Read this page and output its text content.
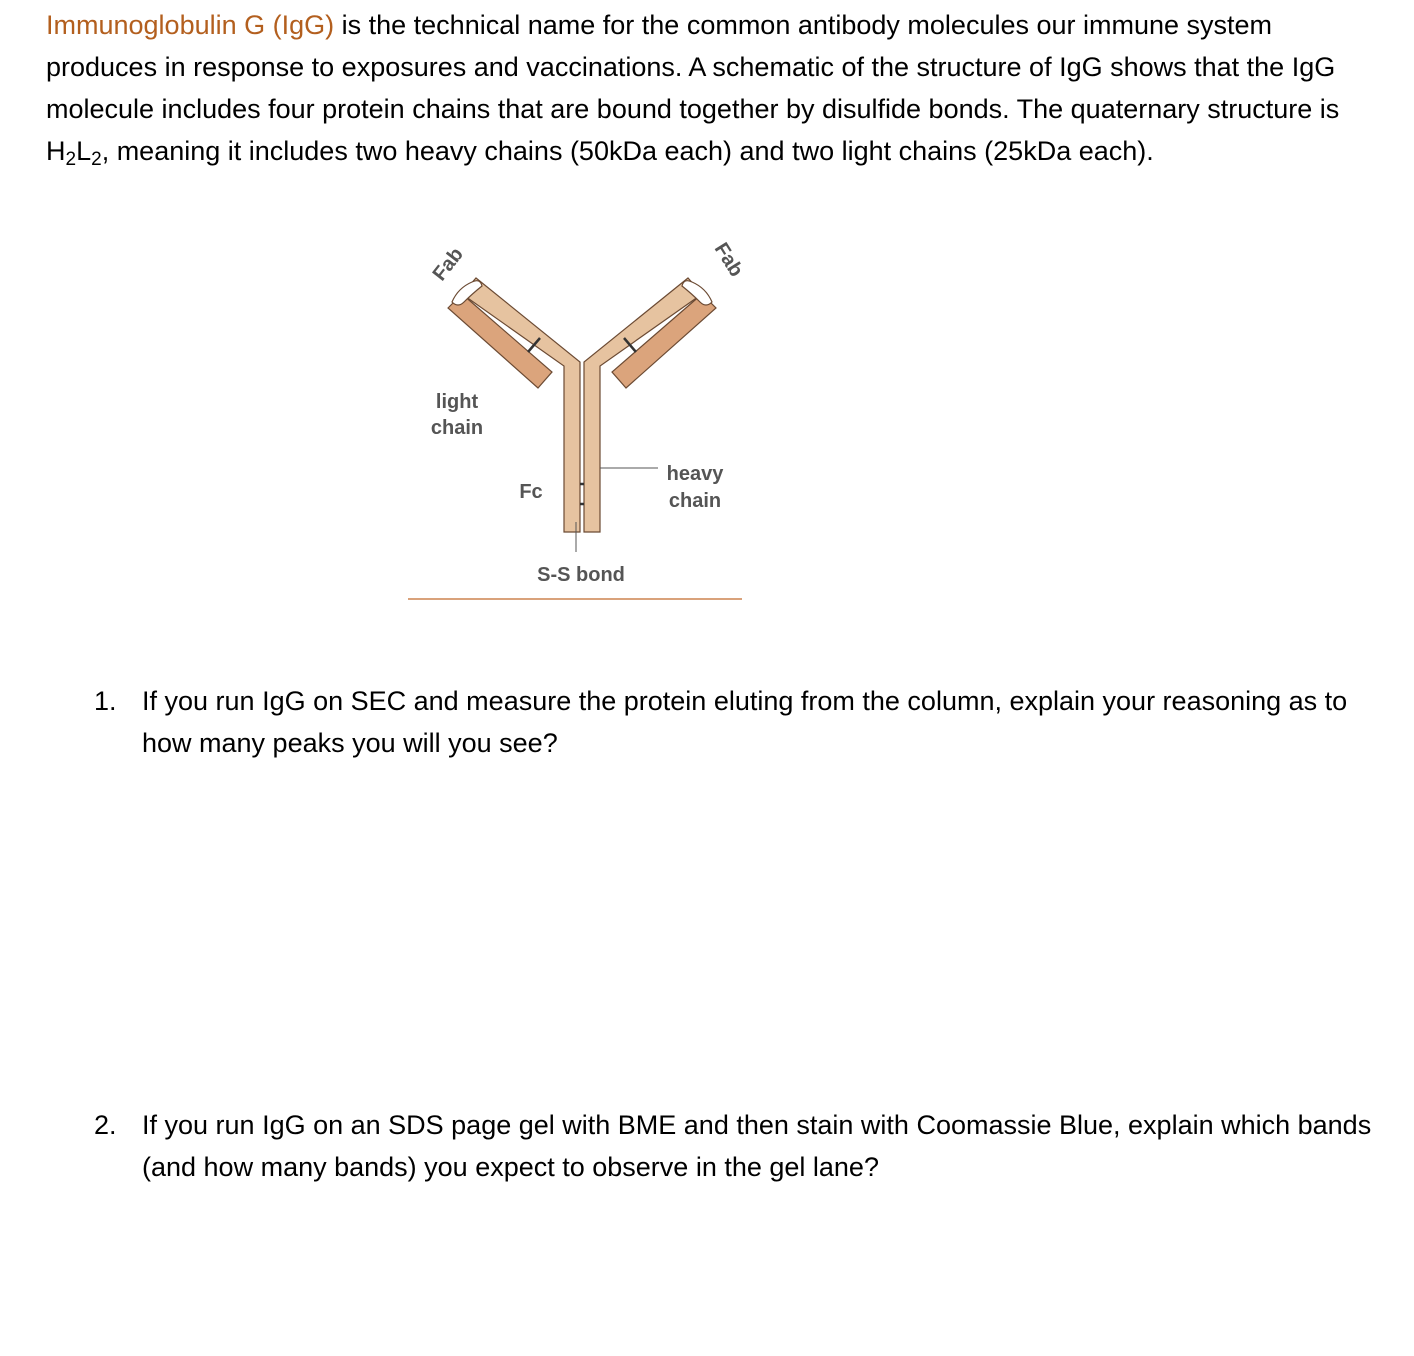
Immunoglobulin G (IgG) is the technical name for the common antibody molecules our immune system produces in response to exposures and vaccinations. A schematic of the structure of IgG shows that the IgG molecule includes four protein chains that are bound together by disulfide bonds. The quaternary structure is $H_2L_2$, meaning it includes two heavy chains (50kDa each) and two light chains (25kDa each).

Fab	Fab
light
chain
Fc
heavy
chain
S-S bond
1. If you run IgG on SEC and measure the protein eluting from the column, explain your reasoning as to how many peaks you will you see?
2. If you run IgG on an SDS page gel with BME and then stain with Coomassie Blue, explain which bands (and how many bands) you expect to observe in the gel lane?
